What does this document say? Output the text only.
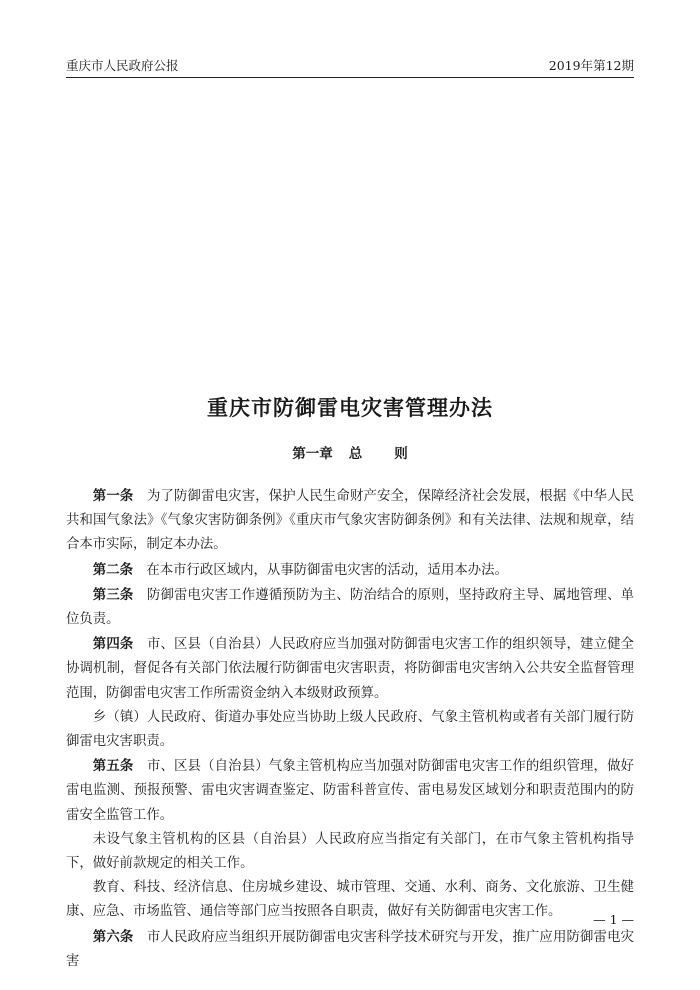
重庆市人民政府公报	2019年第12期
重庆市防御雷电灾害管理办法
第一章 总 则

第一条　 为了防御雷电灾害，保护人民生命财产安全，保障经济社会发展，根据《中华人民共和国气象法》《气象灾害防御条例》《重庆市气象灾害防御条例》和有关法律、法规和规章，结合本市实际，制定本办法。

第二条　 在本市行政区域内，从事防御雷电灾害的活动，适用本办法。

第三条　 防御雷电灾害工作遵循预防为主、防治结合的原则，坚持政府主导、属地管理、单位负责。

第四条　 市、区县（自治县）人民政府应当加强对防御雷电灾害工作的组织领导，建立健全协调机制，督促各有关部门依法履行防御雷电灾害职责，将防御雷电灾害纳入公共安全监督管理范围，防御雷电灾害工作所需资金纳入本级财政预算。

乡（镇）人民政府、街道办事处应当协助上级人民政府、气象主管机构或者有关部门履行防御雷电灾害职责。

第五条　 市、区县（自治县）气象主管机构应当加强对防御雷电灾害工作的组织管理，做好雷电监测、预报预警、雷电灾害调查鉴定、防雷科普宣传、雷电易发区域划分和职责范围内的防雷安全监管工作。

未设气象主管机构的区县（自治县）人民政府应当指定有关部门，在市气象主管机构指导下，做好前款规定的相关工作。

教育、科技、经济信息、住房城乡建设、城市管理、交通、水利、商务、文化旅游、卫生健康、应急、市场监管、通信等部门应当按照各自职责，做好有关防御雷电灾害工作。

第六条　 市人民政府应当组织开展防御雷电灾害科学技术研究与开发，推广应用防御雷电灾害

— 1 —
